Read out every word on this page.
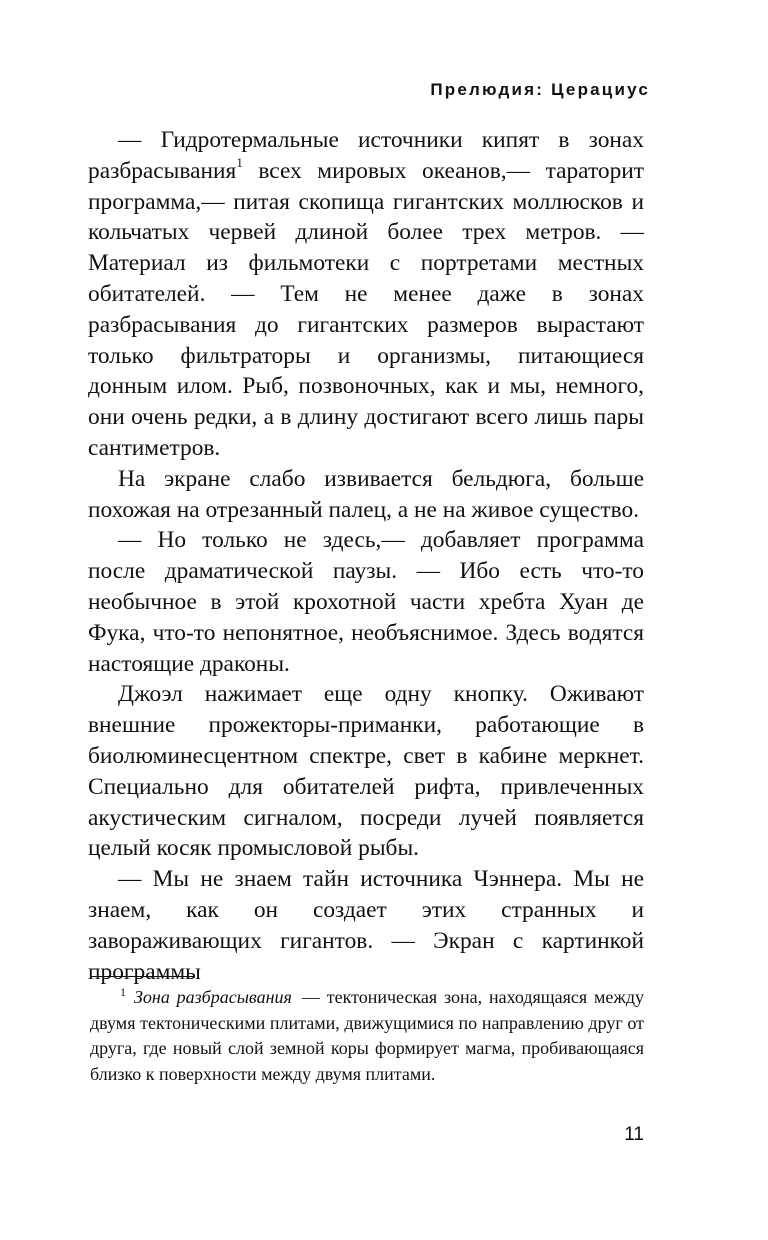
Прелюдия: Церациус

— Гидротермальные источники кипят в зонах разбрасывания$^1$ всех мировых океанов,— тараторит программа,— питая скопища гигантских моллюсков и кольчатых червей длиной более трех метров. — Материал из фильмотеки с портретами местных обитателей. — Тем не менее даже в зонах разбрасывания до гигантских размеров вырастают только фильтраторы и организмы, питающиеся донным илом. Рыб, позвоночных, как и мы, немного, они очень редки, а в длину достигают всего лишь пары сантиметров.

На экране слабо извивается бельдюга, больше похожая на отрезанный палец, а не на живое существо.

— Но только не здесь,— добавляет программа после драматической паузы. — Ибо есть что-то необычное в этой крохотной части хребта Хуан де Фука, что-то непонятное, необъяснимое. Здесь водятся настоящие драконы.

Джоэл нажимает еще одну кнопку. Оживают внешние прожекторы-приманки, работающие в биолюминесцентном спектре, свет в кабине меркнет. Специально для обитателей рифта, привлеченных акустическим сигналом, посреди лучей появляется целый косяк промысловой рыбы.

— Мы не знаем тайн источника Чэннера. Мы не знаем, как он создает этих странных и завораживающих гигантов. — Экран с картинкой программы

$^1$ Зона разбрасывания — тектоническая зона, находящаяся между двумя тектоническими плитами, движущимися по направлению друг от друга, где новый слой земной коры формирует магма, пробивающаяся близко к поверхности между двумя плитами.

11
